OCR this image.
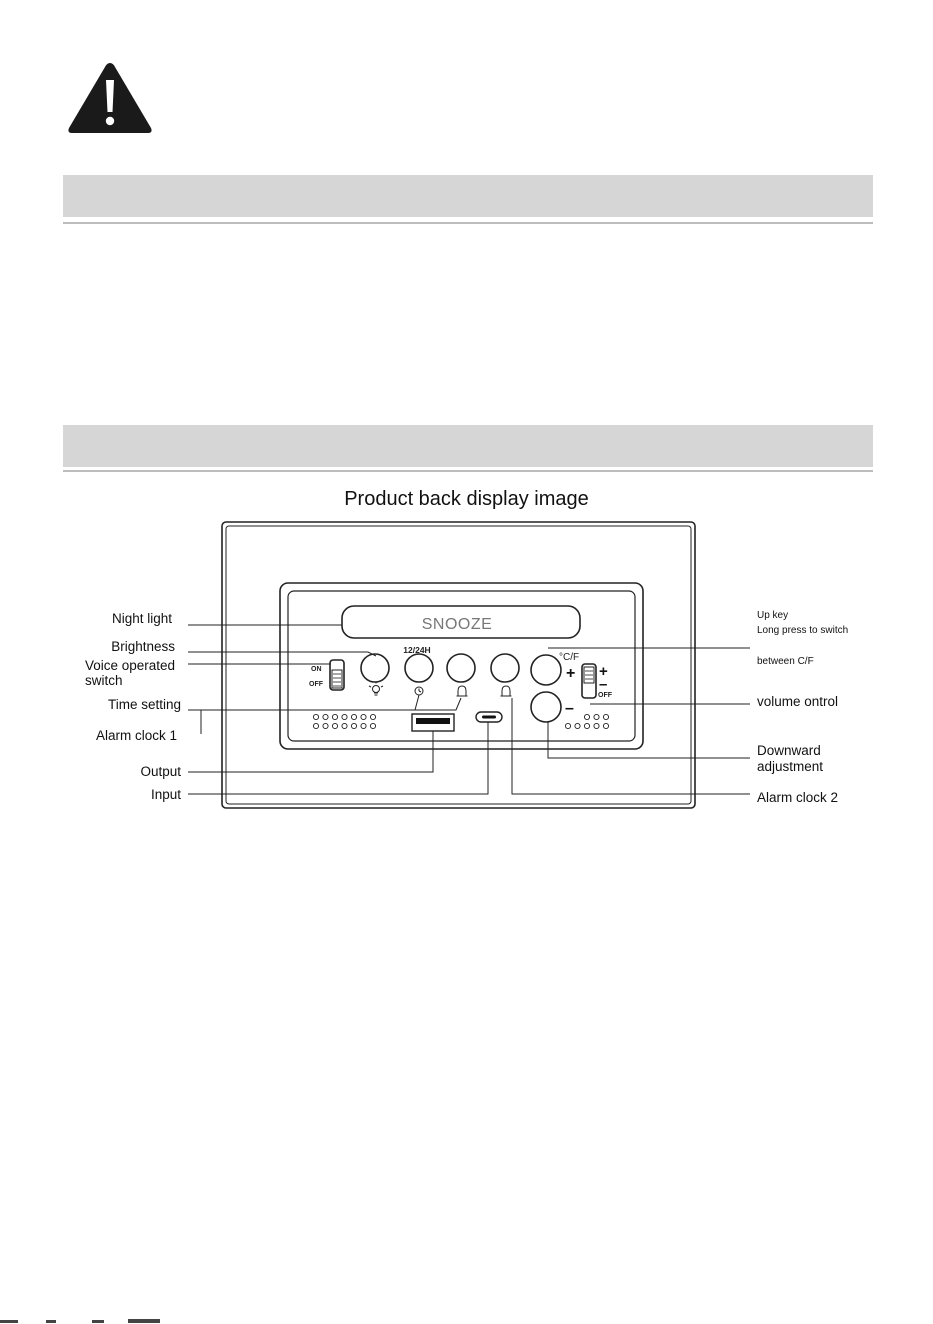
Product back display image
SNOOZE
12/24H
°C/F
ON
OFF
+
–
+
–
OFF
Night light
Brightness
Voice operated
switch
Time setting
Alarm clock 1
Output
Input
Up key
Long press to switch
between C/F
volume ontrol
Downward
adjustment
Alarm clock 2
